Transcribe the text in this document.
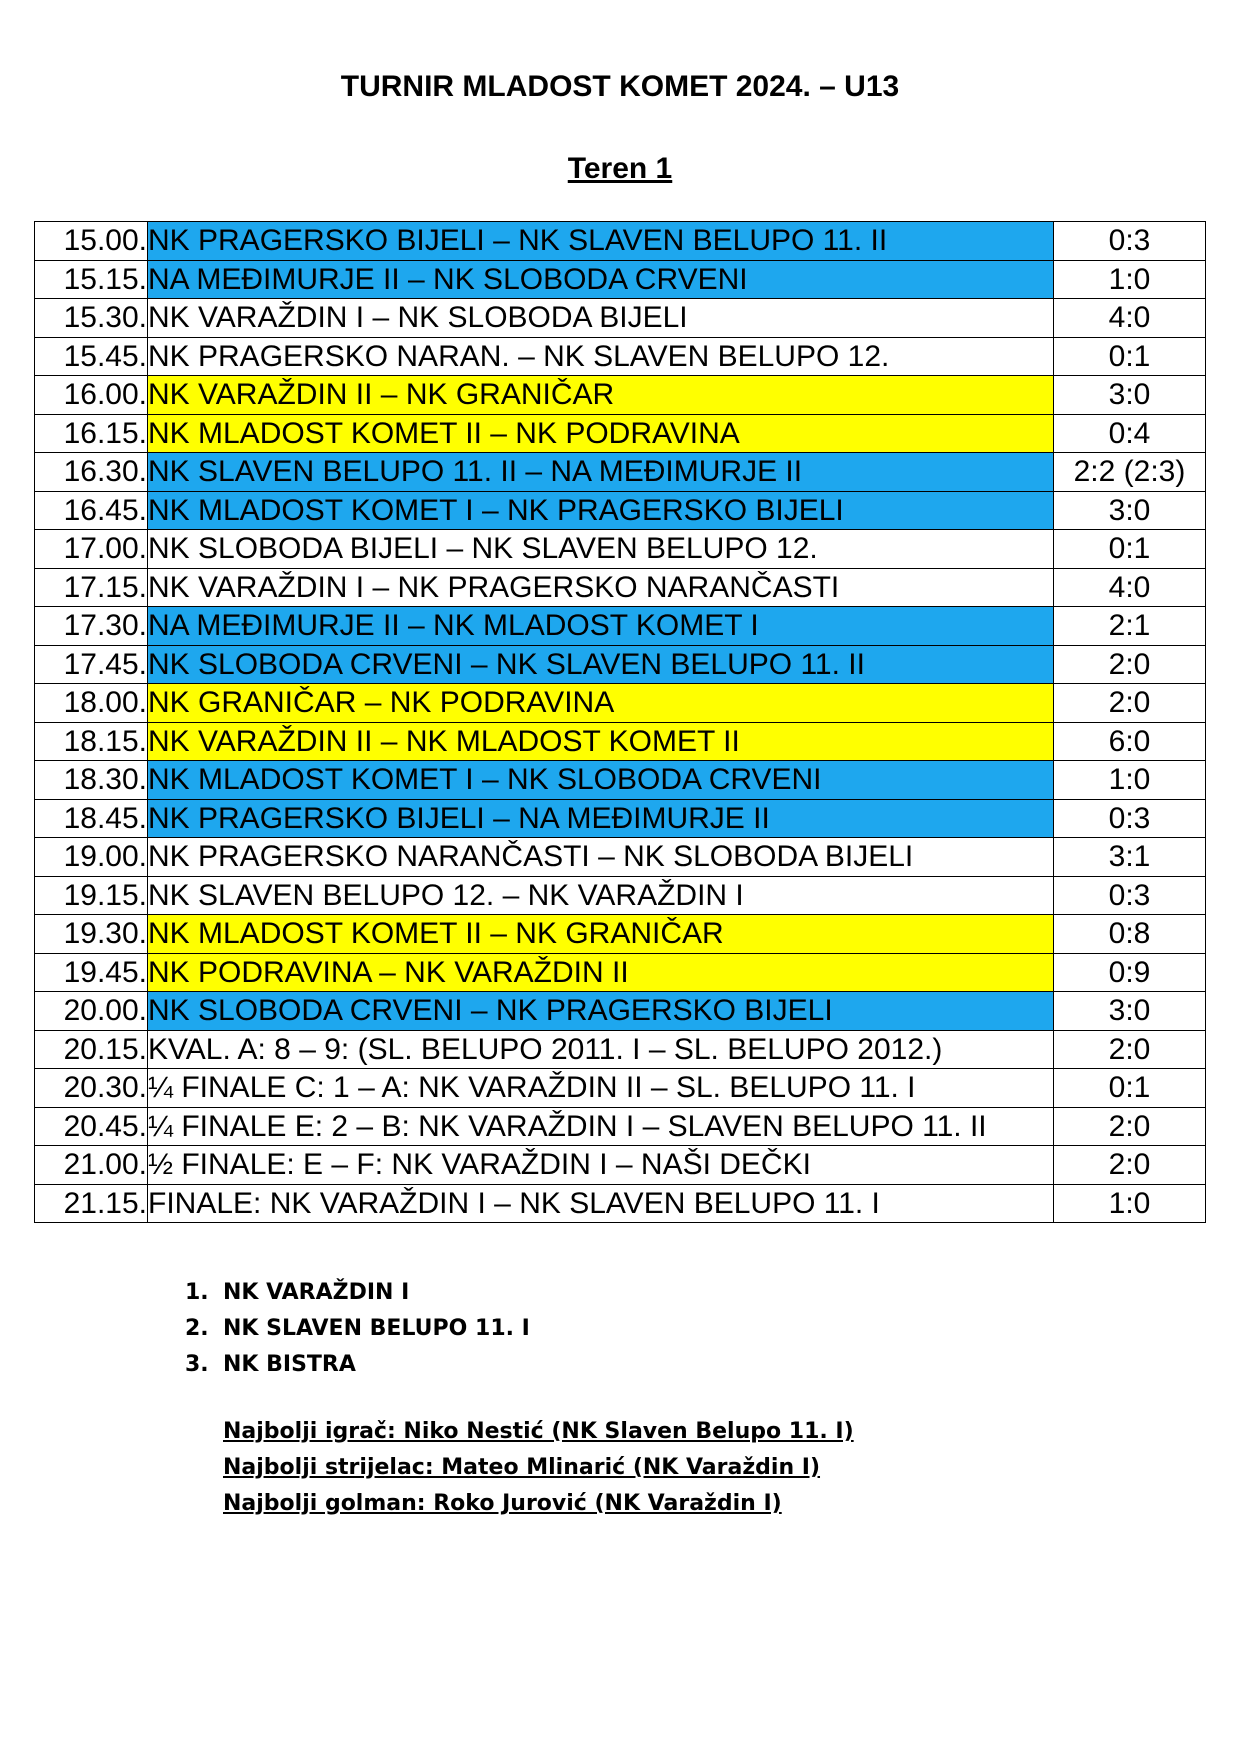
TURNIR MLADOST KOMET 2024. – U13
Teren 1
15.00.	NK PRAGERSKO BIJELI – NK SLAVEN BELUPO 11. II	0:3
15.15.	NA MEĐIMURJE II – NK SLOBODA CRVENI	1:0
15.30.	NK VARAŽDIN I – NK SLOBODA BIJELI	4:0
15.45.	NK PRAGERSKO NARAN. – NK SLAVEN BELUPO 12.	0:1
16.00.	NK VARAŽDIN II – NK GRANIČAR	3:0
16.15.	NK MLADOST KOMET II – NK PODRAVINA	0:4
16.30.	NK SLAVEN BELUPO 11. II – NA MEĐIMURJE II	2:2 (2:3)
16.45.	NK MLADOST KOMET I – NK PRAGERSKO BIJELI	3:0
17.00.	NK SLOBODA BIJELI – NK SLAVEN BELUPO 12.	0:1
17.15.	NK VARAŽDIN I – NK PRAGERSKO NARANČASTI	4:0
17.30.	NA MEĐIMURJE II – NK MLADOST KOMET I	2:1
17.45.	NK SLOBODA CRVENI – NK SLAVEN BELUPO 11. II	2:0
18.00.	NK GRANIČAR – NK PODRAVINA	2:0
18.15.	NK VARAŽDIN II – NK MLADOST KOMET II	6:0
18.30.	NK MLADOST KOMET I – NK SLOBODA CRVENI	1:0
18.45.	NK PRAGERSKO BIJELI – NA MEĐIMURJE II	0:3
19.00.	NK PRAGERSKO NARANČASTI – NK SLOBODA BIJELI	3:1
19.15.	NK SLAVEN BELUPO 12. – NK VARAŽDIN I	0:3
19.30.	NK MLADOST KOMET II – NK GRANIČAR	0:8
19.45.	NK PODRAVINA – NK VARAŽDIN II	0:9
20.00.	NK SLOBODA CRVENI – NK PRAGERSKO BIJELI	3:0
20.15.	KVAL. A: 8 – 9: (SL. BELUPO 2011. I – SL. BELUPO 2012.)	2:0
20.30.	¼ FINALE C: 1 – A: NK VARAŽDIN II – SL. BELUPO 11. I	0:1
20.45.	¼ FINALE E: 2 – B: NK VARAŽDIN I – SLAVEN BELUPO 11. II	2:0
21.00.	½ FINALE: E – F: NK VARAŽDIN I – NAŠI DEČKI	2:0
21.15.	FINALE: NK VARAŽDIN I – NK SLAVEN BELUPO 11. I	1:0
1. NK VARAŽDIN I
2. NK SLAVEN BELUPO 11. I
3. NK BISTRA
Najbolji igrač: Niko Nestić (NK Slaven Belupo 11. I)
Najbolji strijelac: Mateo Mlinarić (NK Varaždin I)
Najbolji golman: Roko Jurović (NK Varaždin I)
